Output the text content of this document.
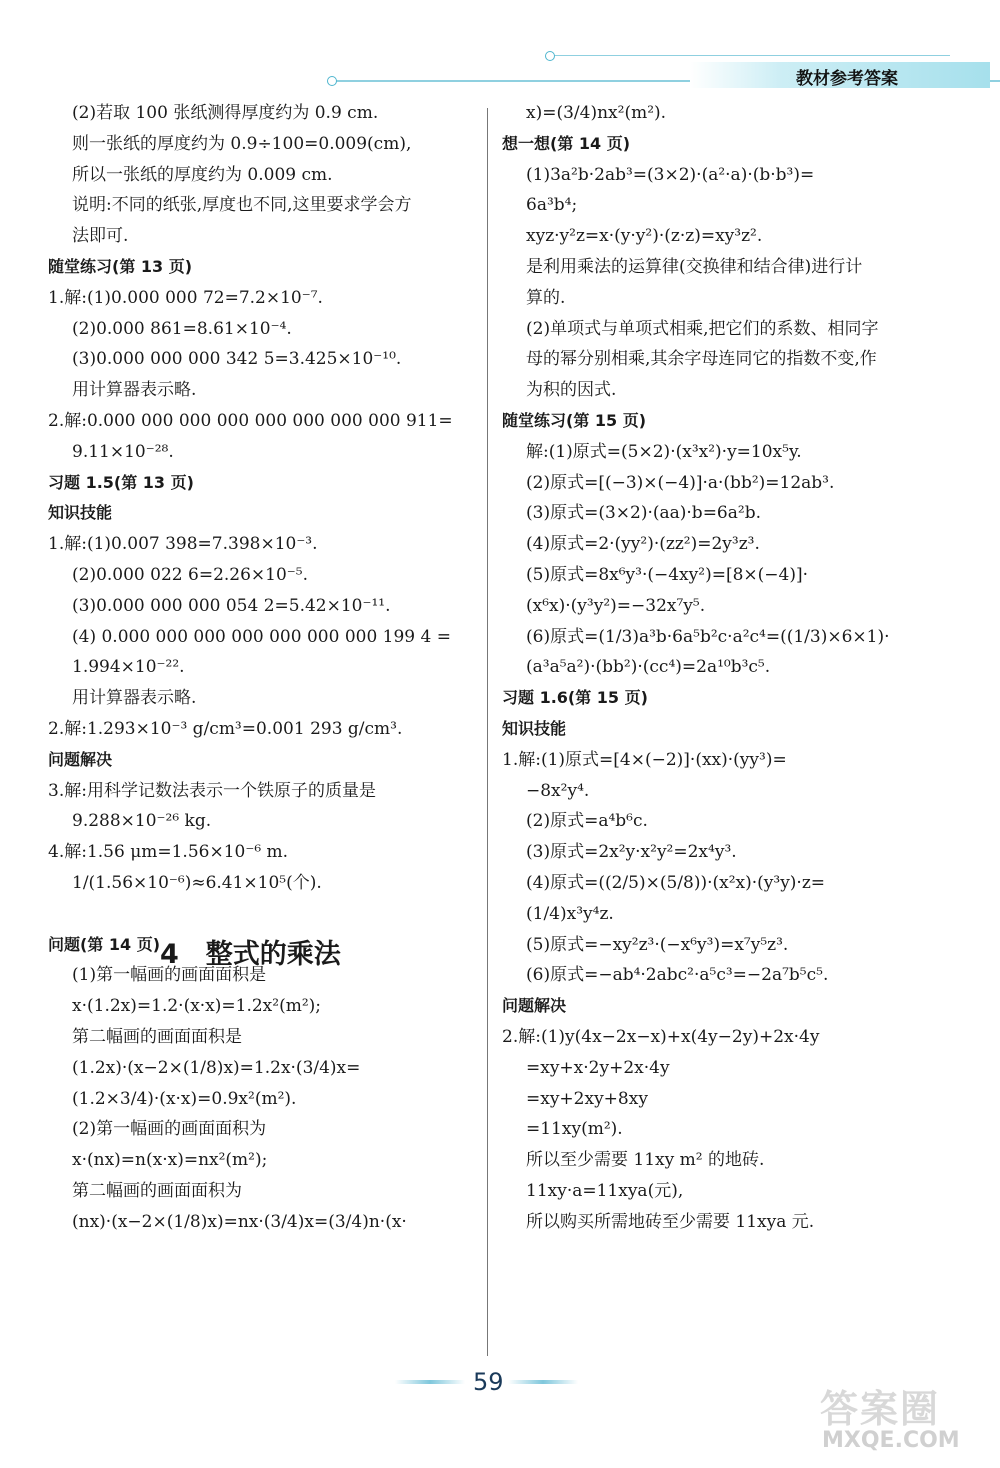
教材参考答案
(2)若取 100 张纸测得厚度约为 0.9 cm.
则一张纸的厚度约为 0.9÷100=0.009(cm),
所以一张纸的厚度约为 0.009 cm.
说明:不同的纸张,厚度也不同,这里要求学会方
法即可.
随堂练习(第 13 页)
1.解:(1)0.000 000 72=7.2×10⁻⁷.
(2)0.000 861=8.61×10⁻⁴.
(3)0.000 000 000 342 5=3.425×10⁻¹⁰.
用计算器表示略.
2.解:0.000 000 000 000 000 000 000 000 911=
9.11×10⁻²⁸.
习题 1.5(第 13 页)
知识技能
1.解:(1)0.007 398=7.398×10⁻³.
(2)0.000 022 6=2.26×10⁻⁵.
(3)0.000 000 000 054 2=5.42×10⁻¹¹.
(4) 0.000 000 000 000 000 000 000 199 4 =
1.994×10⁻²².
用计算器表示略.
2.解:1.293×10⁻³ g/cm³=0.001 293 g/cm³.
问题解决
3.解:用科学记数法表示一个铁原子的质量是
9.288×10⁻²⁶ kg.
4.解:1.56 μm=1.56×10⁻⁶ m.
1/(1.56×10⁻⁶)≈6.41×10⁵(个).
问题(第 14 页)
(1)第一幅画的画面面积是
x·(1.2x)=1.2·(x·x)=1.2x²(m²);
第二幅画的画面面积是
(1.2x)·(x−2×(1/8)x)=1.2x·(3/4)x=
(1.2×3/4)·(x·x)=0.9x²(m²).
(2)第一幅画的画面面积为
x·(nx)=n(x·x)=nx²(m²);
第二幅画的画面面积为
(nx)·(x−2×(1/8)x)=nx·(3/4)x=(3/4)n·(x·
x)=(3/4)nx²(m²).
想一想(第 14 页)
(1)3a²b·2ab³=(3×2)·(a²·a)·(b·b³)=
6a³b⁴;
xyz·y²z=x·(y·y²)·(z·z)=xy³z².
是利用乘法的运算律(交换律和结合律)进行计
算的.
(2)单项式与单项式相乘,把它们的系数、相同字
母的幂分别相乘,其余字母连同它的指数不变,作
为积的因式.
随堂练习(第 15 页)
解:(1)原式=(5×2)·(x³x²)·y=10x⁵y.
(2)原式=[(−3)×(−4)]·a·(bb²)=12ab³.
(3)原式=(3×2)·(aa)·b=6a²b.
(4)原式=2·(yy²)·(zz²)=2y³z³.
(5)原式=8x⁶y³·(−4xy²)=[8×(−4)]·
(x⁶x)·(y³y²)=−32x⁷y⁵.
(6)原式=(1/3)a³b·6a⁵b²c·a²c⁴=((1/3)×6×1)·
(a³a⁵a²)·(bb²)·(cc⁴)=2a¹⁰b³c⁵.
习题 1.6(第 15 页)
知识技能
1.解:(1)原式=[4×(−2)]·(xx)·(yy³)=
−8x²y⁴.
(2)原式=a⁴b⁶c.
(3)原式=2x²y·x²y²=2x⁴y³.
(4)原式=((2/5)×(5/8))·(x²x)·(y³y)·z=
(1/4)x³y⁴z.
(5)原式=−xy²z³·(−x⁶y³)=x⁷y⁵z³.
(6)原式=−ab⁴·2abc²·a⁵c³=−2a⁷b⁵c⁵.
问题解决
2.解:(1)y(4x−2x−x)+x(4y−2y)+2x·4y
=xy+x·2y+2x·4y
=xy+2xy+8xy
=11xy(m²).
所以至少需要 11xy m² 的地砖.
11xy·a=11xya(元),
所以购买所需地砖至少需要 11xya 元.
4　整式的乘法
59
答案圈
MXQE.COM
